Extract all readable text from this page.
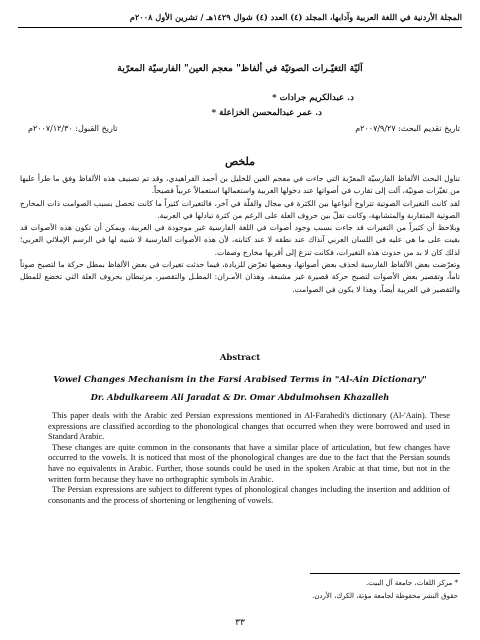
المجلة الأردنية في اللغة العربية وآدابها، المجلد (٤) العدد (٤) شوال ١٤٢٩هـ / تشرين الأول ٢٠٠٨م
آليّة التغيّـرات الصوتيّة في ألفاظ" معجم العين" الفارسيّة المعرّبة
د. عبدالكريم جرادات *
د. عمر عبدالمحسن الخزاعلة *
تاريخ تقديم البحث: ٢٠٠٧/٩/٢٧م
تاريخ القبول: ٢٠٠٧/١٢/٣٠م
ملخص

تناول البحث الألفاظ الفارسيّة المعرّبة التي جاءت في معجم العين للخليل بن أحمد الفراهيدي، وقد تم تصنيف هذه الألفاظ وفق ما طرأ عليها من تغيّرات صوتيّة، آلت إلى تقارب في أصواتها عند دخولها العربية واستعمالها استعمالاً عربياً فصيحاً.

لقد كانت التغيرات الصوتية تتراوح أنواعها بين الكثرة في مجال والقلّة في آخر، فالتغيرات كثيراً ما كانت تحصل بسبب الصوامت ذات المخارج الصوتية المتقاربة والمتشابهة، وكانت تقلّ بين حروف العلة على الرغم من كثرة تبادلها في العربية.

ويلاحظ أن كثيراً من التغيرات قد جاءت بسبب وجود أصوات في اللغة الفارسية غير موجودة في العربية، ويمكن أن تكون هذه الأصوات قد بقيت على ما هي عليه في اللسان العربي آنذاك عند نطقه لا عند كتابته، لأن هذه الأصوات الفارسية لا شبيه لها في الرسم الإملائي العربي؛ لذلك كان لا بد من حدوث هذه التغيرات، فكانت تنزع إلى أقربها مخارج وصفات.

وتعرّضت بعض الألفاظ الفارسية لحذف بعض أصواتها، وبعضها تعرّض للزيادة، فيما حدثت تغيرات في بعض الألفاظ بمطل حركة ما لتصبح صوتاً تاماً، وتقصير بعض الأصوات لتصبح حركة قصيرة غير مشبعة، وهذان الأمـران: المطـل والتقصير، مرتبطان بحروف العلة التي تخضع للمطل والتقصير في العربية أيضاً، وهذا لا يكون في الصوامت.

Abstract
Vowel Changes Mechanism in the Farsi Arabised Terms in "Al-Ain Dictionary"
Dr. Abdulkareem Ali Jaradat & Dr. Omar Abdulmohsen Khazalleh

This paper deals with the Arabic zed Persian expressions mentioned in Al-Farahedi's dictionary (Al-'Aain). These expressions are classified according to the phonological changes that occurred when they were borrowed and used in Standard Arabic.

These changes are quite common in the consonants that have a similar place of articulation, but few changes have occurred to the vowels. It is noticed that most of the phonological changes are due to the fact that the Persian sounds have no equivalents in Arabic. Further, those sounds could be used in the spoken Arabic at that time, but not in the written form because they have no orthographic symbols in Arabic.

The Persian expressions are subject to different types of phonological changes including the insertion and addition of consonants and the process of shortening or lengthening of vowels.

* مركز اللغات، جامعة آل البيت.
حقوق النشر محفوظة لجامعة مؤتة، الكرك، الأردن.
٣٣
